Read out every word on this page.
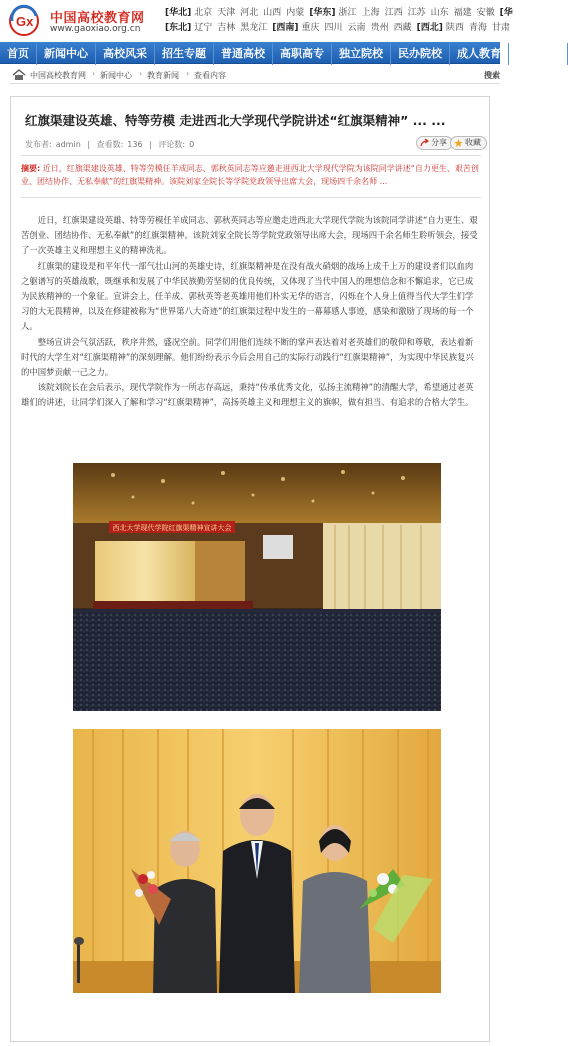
Gx 中国高校教育网
www.gaoxiao.org.cn
[华北] 北京 天津 河北 山西 内蒙 [华东] 浙江 上海 江西 江苏 山东 福建 安徽 [华
[东北] 辽宁 吉林 黑龙江 [西南] 重庆 四川 云南 贵州 西藏 [西北] 陕西 青海 甘肃
首页 新闻中心 高校风采 招生专题 普通高校 高职高专 独立院校 民办院校 成人教育 艺术院校
中国高校教育网 › 新闻中心 › 教育新闻 › 查看内容	搜索
红旗渠建设英雄、特等劳模 走进西北大学现代学院讲述“红旗渠精神” ... ...
发布者: admin | 查看数: 136 | 评论数: 0	分享	收藏
摘要: 近日，红旗渠建设英雄、特等劳模任羊成同志、郭秋英同志等应邀走进西北大学现代学院为该院同学讲述“自力更生、艰苦创
业、团结协作、无私奉献”的红旗渠精神。该院刘家全院长等学院党政领导出席大会，现场四千余名师 ...

近日，红旗渠建设英雄、特等劳模任羊成同志、郭秋英同志等应邀走进西北大学现代学院为该院同学讲述“自力更生、艰苦创业、团结协作、无私奉献”的红旗渠精神。该院刘家全院长等学院党政领导出席大会，现场四千余名师生聆听领会，接受了一次英雄主义和理想主义的精神洗礼。

红旗渠的建设是和平年代一部气壮山河的英雄史诗，红旗渠精神是在没有战火硝烟的战场上成千上万的建设者们以血肉之躯谱写的英雄战歌，既继承和发展了中华民族勤劳坚韧的优良传统，又体现了当代中国人的理想信念和不懈追求，它已成为民族精神的一个象征。宣讲会上，任羊成、郭秋英等老英雄用他们朴实无华的语言，闪烁在个人身上值得当代大学生们学习的大无畏精神，以及在修建被称为“世界第八大奇迹”的红旗渠过程中发生的一幕幕感人事迹，感染和激励了现场的每一个人。

整场宣讲会气氛活跃，秩序井然，盛况空前。同学们用他们连续不断的掌声表达着对老英雄们的敬仰和尊敬，表达着新时代的大学生对“红旗渠精神”的深刻理解。他们纷纷表示今后会用自己的实际行动践行“红旗渠精神”，为实现中华民族复兴的中国梦贡献一己之力。

该院刘院长在会后表示，现代学院作为一所志存高远，秉持“传承优秀文化，弘扬主流精神”的清醒大学，希望通过老英雄们的讲述，让同学们深入了解和学习“红旗渠精神”，高扬英雄主义和理想主义的旗帜，做有担当、有追求的合格大学生。

西北大学现代学院红旗渠精神宣讲大会
